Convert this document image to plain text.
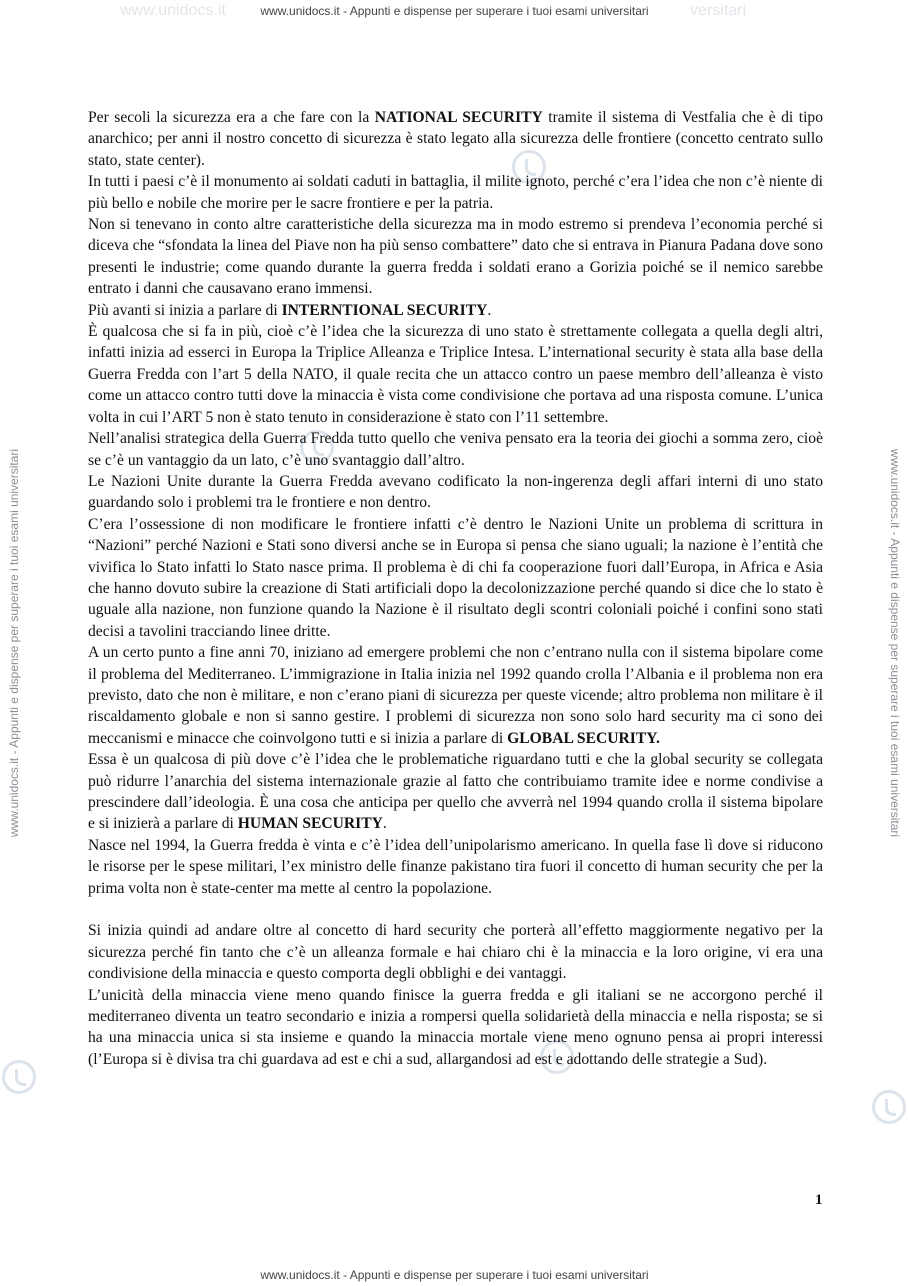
www.unidocs.it	versitari
www.unidocs.it - Appunti e dispense per superare i tuoi esami universitari
www.unidocs.it - Appunti e dispense per superare i tuoi esami universitari	www.unidocs.it - Appunti e dispense per superare i tuoi esami universitari

Per secoli la sicurezza era a che fare con la NATIONAL SECURITY tramite il sistema di Vestfalia che è di tipo anarchico; per anni il nostro concetto di sicurezza è stato legato alla sicurezza delle frontiere (concetto centrato sullo stato, state center).

In tutti i paesi c’è il monumento ai soldati caduti in battaglia, il milite ignoto, perché c’era l’idea che non c’è niente di più bello e nobile che morire per le sacre frontiere e per la patria.

Non si tenevano in conto altre caratteristiche della sicurezza ma in modo estremo si prendeva l’economia perché si diceva che “sfondata la linea del Piave non ha più senso combattere” dato che si entrava in Pianura Padana dove sono presenti le industrie; come quando durante la guerra fredda i soldati erano a Gorizia poiché se il nemico sarebbe entrato i danni che causavano erano immensi.

Più avanti si inizia a parlare di INTERNTIONAL SECURITY.

È qualcosa che si fa in più, cioè c’è l’idea che la sicurezza di uno stato è strettamente collegata a quella degli altri, infatti inizia ad esserci in Europa la Triplice Alleanza e Triplice Intesa. L’international security è stata alla base della Guerra Fredda con l’art 5 della NATO, il quale recita che un attacco contro un paese membro dell’alleanza è visto come un attacco contro tutti dove la minaccia è vista come condivisione che portava ad una risposta comune. L’unica volta in cui l’ART 5 non è stato tenuto in considerazione è stato con l’11 settembre.

Nell’analisi strategica della Guerra Fredda tutto quello che veniva pensato era la teoria dei giochi a somma zero, cioè se c’è un vantaggio da un lato, c’è uno svantaggio dall’altro.

Le Nazioni Unite durante la Guerra Fredda avevano codificato la non-ingerenza degli affari interni di uno stato guardando solo i problemi tra le frontiere e non dentro.

C’era l’ossessione di non modificare le frontiere infatti c’è dentro le Nazioni Unite un problema di scrittura in “Nazioni” perché Nazioni e Stati sono diversi anche se in Europa si pensa che siano uguali; la nazione è l’entità che vivifica lo Stato infatti lo Stato nasce prima. Il problema è di chi fa cooperazione fuori dall’Europa, in Africa e Asia che hanno dovuto subire la creazione di Stati artificiali dopo la decolonizzazione perché quando si dice che lo stato è uguale alla nazione, non funzione quando la Nazione è il risultato degli scontri coloniali poiché i confini sono stati decisi a tavolini tracciando linee dritte.

A un certo punto a fine anni 70, iniziano ad emergere problemi che non c’entrano nulla con il sistema bipolare come il problema del Mediterraneo. L’immigrazione in Italia inizia nel 1992 quando crolla l’Albania e il problema non era previsto, dato che non è militare, e non c’erano piani di sicurezza per queste vicende; altro problema non militare è il riscaldamento globale e non si sanno gestire. I problemi di sicurezza non sono solo hard security ma ci sono dei meccanismi e minacce che coinvolgono tutti e si inizia a parlare di GLOBAL SECURITY.

Essa è un qualcosa di più dove c’è l’idea che le problematiche riguardano tutti e che la global security se collegata può ridurre l’anarchia del sistema internazionale grazie al fatto che contribuiamo tramite idee e norme condivise a prescindere dall’ideologia. È una cosa che anticipa per quello che avverrà nel 1994 quando crolla il sistema bipolare e si inizierà a parlare di HUMAN SECURITY.

Nasce nel 1994, la Guerra fredda è vinta e c’è l’idea dell’unipolarismo americano. In quella fase lì dove si riducono le risorse per le spese militari, l’ex ministro delle finanze pakistano tira fuori il concetto di human security che per la prima volta non è state-center ma mette al centro la popolazione.

Si inizia quindi ad andare oltre al concetto di hard security che porterà all’effetto maggiormente negativo per la sicurezza perché fin tanto che c’è un alleanza formale e hai chiaro chi è la minaccia e la loro origine, vi era una condivisione della minaccia e questo comporta degli obblighi e dei vantaggi.

L’unicità della minaccia viene meno quando finisce la guerra fredda e gli italiani se ne accorgono perché il mediterraneo diventa un teatro secondario e inizia a rompersi quella solidarietà della minaccia e nella risposta; se si ha una minaccia unica si sta insieme e quando la minaccia mortale viene meno ognuno pensa ai propri interessi (l’Europa si è divisa tra chi guardava ad est e chi a sud, allargandosi ad est e adottando delle strategie a Sud).

1
www.unidocs.it - Appunti e dispense per superare i tuoi esami universitari
